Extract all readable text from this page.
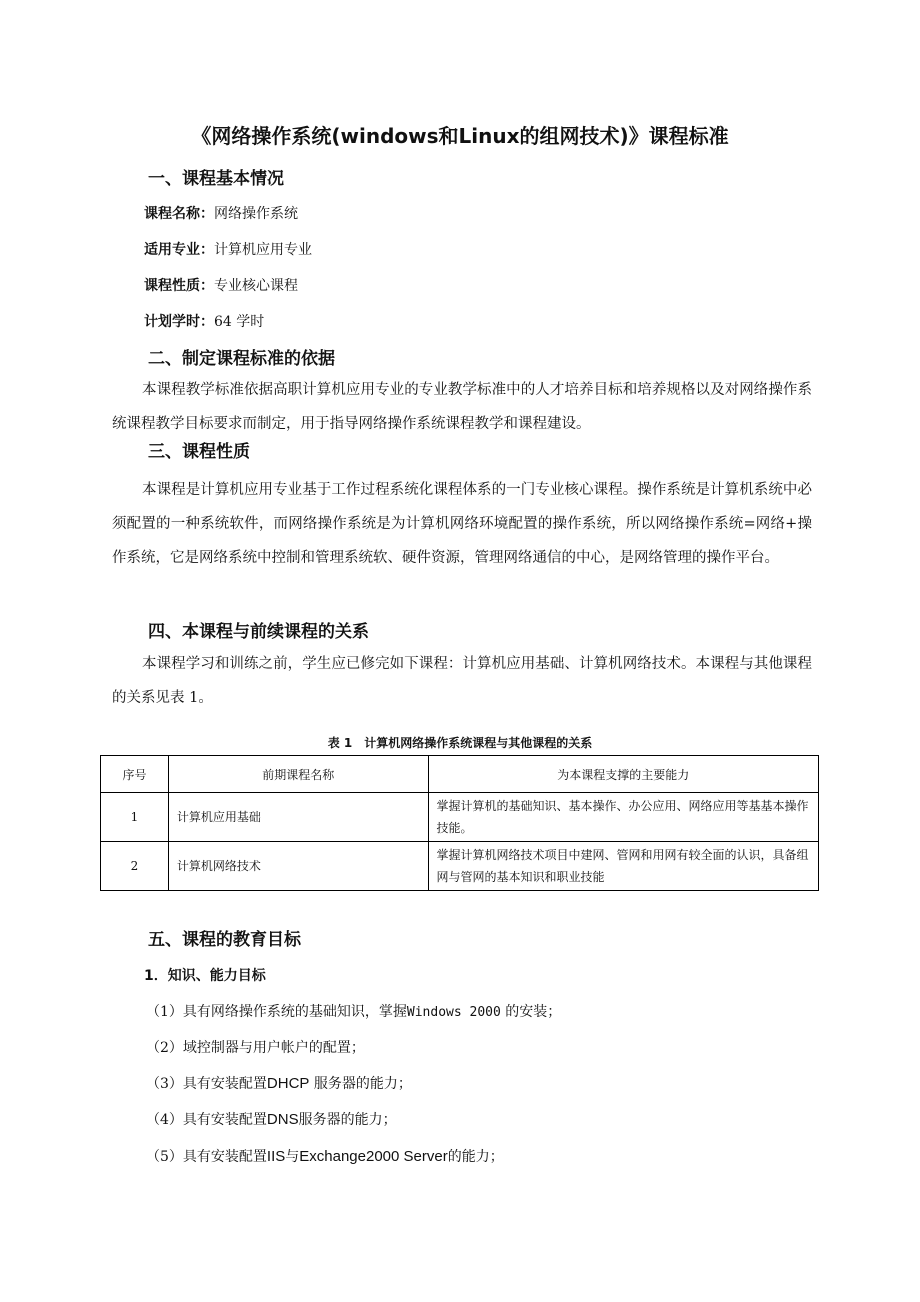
《网络操作系统(windows和Linux的组网技术)》课程标准
一、课程基本情况
课程名称：网络操作系统
适用专业：计算机应用专业
课程性质：专业核心课程
计划学时：64 学时
二、制定课程标准的依据

本课程教学标准依据高职计算机应用专业的专业教学标准中的人才培养目标和培养规格以及对网络操作系统课程教学目标要求而制定，用于指导网络操作系统课程教学和课程建设。

三、课程性质

本课程是计算机应用专业基于工作过程系统化课程体系的一门专业核心课程。操作系统是计算机系统中必须配置的一种系统软件，而网络操作系统是为计算机网络环境配置的操作系统，所以网络操作系统=网络+操作系统，它是网络系统中控制和管理系统软、硬件资源，管理网络通信的中心，是网络管理的操作平台。

四、本课程与前续课程的关系

本课程学习和训练之前，学生应已修完如下课程：计算机应用基础、计算机网络技术。本课程与其他课程的关系见表 1。

表 1　计算机网络操作系统课程与其他课程的关系
序号	前期课程名称	为本课程支撑的主要能力
1	计算机应用基础	掌握计算机的基础知识、基本操作、办公应用、网络应用等基基本操作技能。
2	计算机网络技术	掌握计算机网络技术项目中建网、管网和用网有较全面的认识，具备组网与管网的基本知识和职业技能
五、课程的教育目标
1．知识、能力目标
（1）具有网络操作系统的基础知识，掌握Windows 2000 的安装；
（2）域控制器与用户帐户的配置；
（3）具有安装配置DHCP 服务器的能力；
（4）具有安装配置DNS服务器的能力；
（5）具有安装配置IIS与Exchange2000 Server的能力；
